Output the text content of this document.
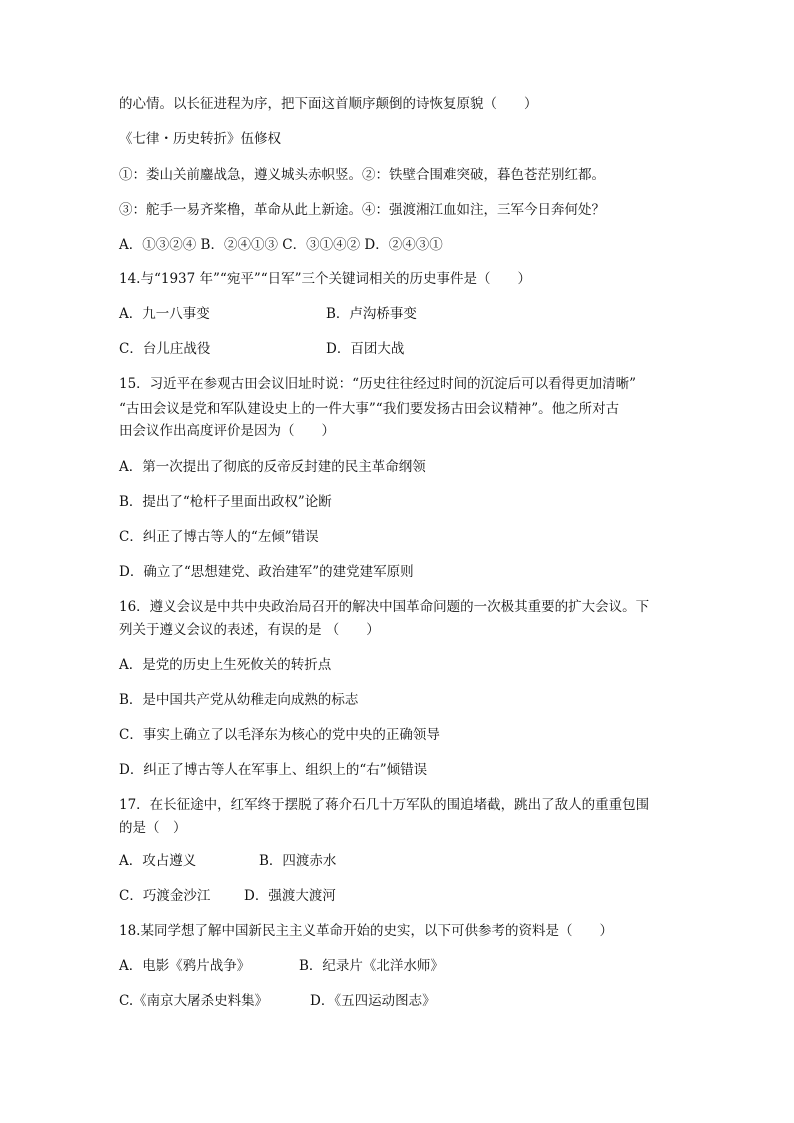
的心情。以长征进程为序，把下面这首顺序颠倒的诗恢复原貌（　　）
《七律・历史转折》伍修权
①：娄山关前鏖战急，遵义城头赤帜竖。②：铁壁合围难突破，暮色苍茫别红都。
③：舵手一易齐桨橹，革命从此上新途。④：强渡湘江血如注，三军今日奔何处？
A．①③②④ B．②④①③ C．③①④② D．②④③①
14.与“1937 年”“宛平”“日军”三个关键词相关的历史事件是（　　）
A．九一八事变	B．卢沟桥事变
C．台儿庄战役	D．百团大战
15．习近平在参观古田会议旧址时说：“历史往往经过时间的沉淀后可以看得更加清晰”
“古田会议是党和军队建设史上的一件大事”“我们要发扬古田会议精神”。他之所对古
田会议作出高度评价是因为（　　）
A．第一次提出了彻底的反帝反封建的民主革命纲领
B．提出了“枪杆子里面出政权”论断
C．纠正了博古等人的“左倾”错误
D．确立了“思想建党、政治建军”的建党建军原则
16．遵义会议是中共中央政治局召开的解决中国革命问题的一次极其重要的扩大会议。下
列关于遵义会议的表述，有误的是 （　　）
A．是党的历史上生死攸关的转折点
B．是中国共产党从幼稚走向成熟的标志
C．事实上确立了以毛泽东为核心的党中央的正确领导
D．纠正了博古等人在军事上、组织上的“右”倾错误
17．在长征途中，红军终于摆脱了蒋介石几十万军队的围追堵截，跳出了敌人的重重包围
的是（　）
A．攻占遵义	B．四渡赤水
C．巧渡金沙江 D．强渡大渡河
18.某同学想了解中国新民主主义革命开始的史实，以下可供参考的资料是（　　）
A．电影《鸦片战争》	B．纪录片《北洋水师》
C.《南京大屠杀史料集》	D．《五四运动图志》
